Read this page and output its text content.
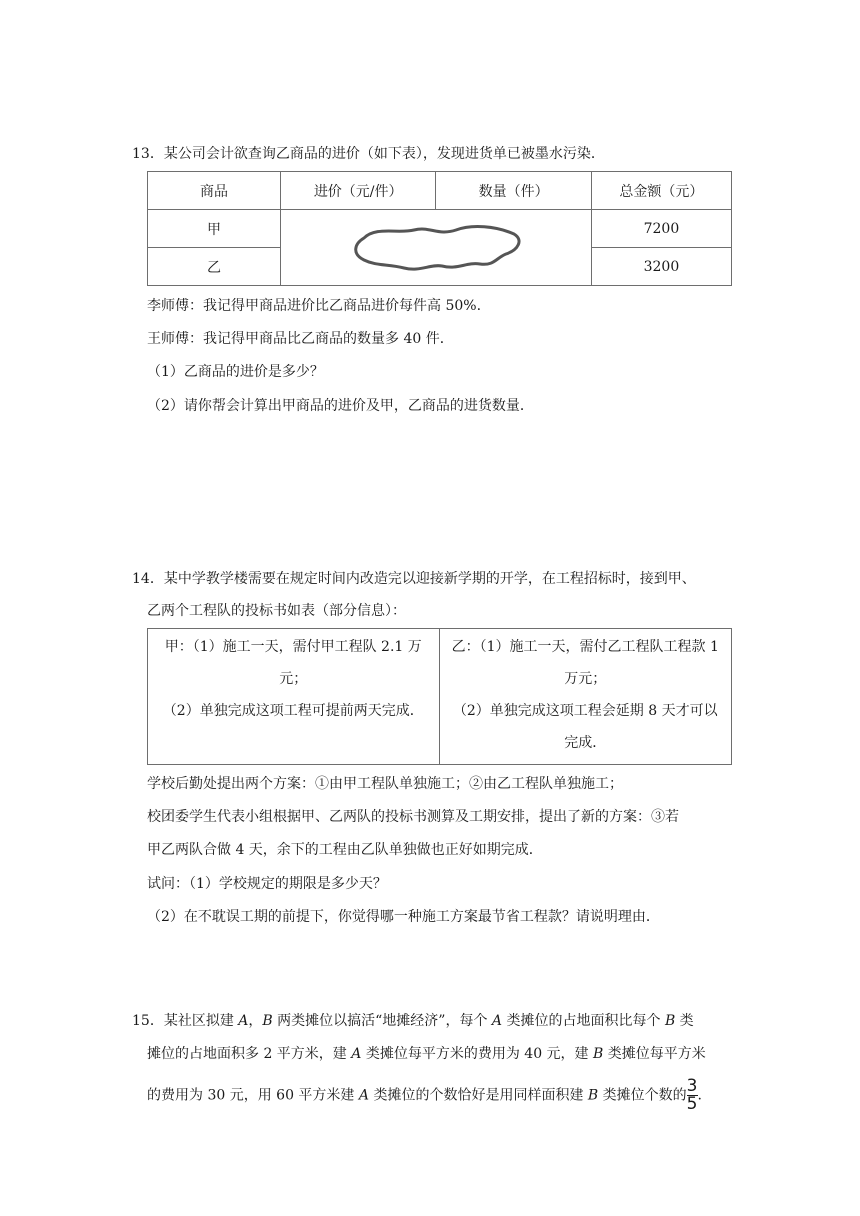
13．某公司会计欲查询乙商品的进价（如下表），发现进货单已被墨水污染．
商品	进价（元/件）	数量（件）	总金额（元）
甲			7200
乙			3200
李师傅：我记得甲商品进价比乙商品进价每件高 50%.
王师傅：我记得甲商品比乙商品的数量多 40 件．
（1）乙商品的进价是多少？
（2）请你帮会计算出甲商品的进价及甲，乙商品的进货数量．
14．某中学教学楼需要在规定时间内改造完以迎接新学期的开学，在工程招标时，接到甲、
乙两个工程队的投标书如表（部分信息）：
甲：（1）施工一天，需付甲工程队 2.1 万
元；
（2）单独完成这项工程可提前两天完成．

乙：（1）施工一天，需付乙工程队工程款 1
万元；
（2）单独完成这项工程会延期 8 天才可以
完成．
学校后勤处提出两个方案：①由甲工程队单独施工；②由乙工程队单独施工；
校团委学生代表小组根据甲、乙两队的投标书测算及工期安排，提出了新的方案：③若
甲乙两队合做 4 天，余下的工程由乙队单独做也正好如期完成．
试问：（1）学校规定的期限是多少天？
（2）在不耽误工期的前提下，你觉得哪一种施工方案最节省工程款？请说明理由．
15．某社区拟建 A，B 两类摊位以搞活“地摊经济”，每个 A 类摊位的占地面积比每个 B 类
摊位的占地面积多 2 平方米，建 A 类摊位每平方米的费用为 40 元，建 B 类摊位每平方米
的费用为 30 元，用 60 平方米建 A 类摊位的个数恰好是用同样面积建 B 类摊位个数的$\frac{3}{5}$ .
